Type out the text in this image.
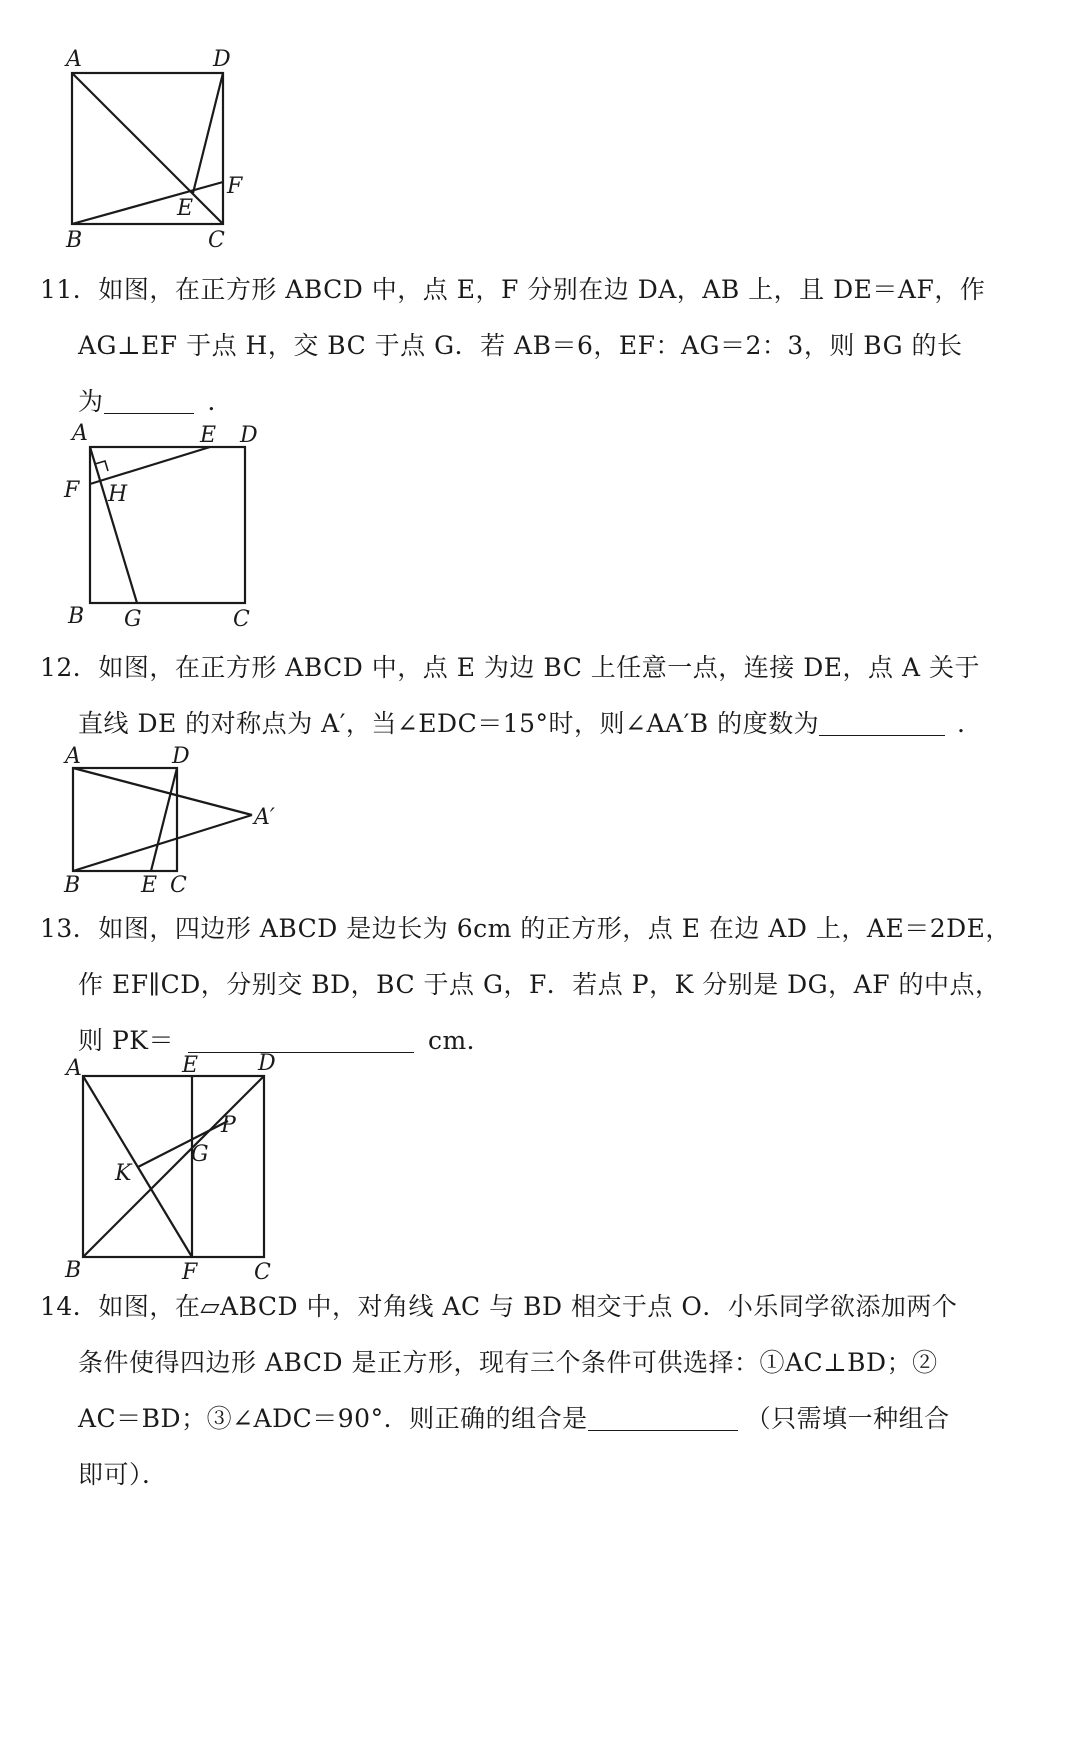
A	D
F
E
B	C
11．如图，在正方形 ABCD 中，点 E，F 分别在边 DA，AB 上，且 DE＝AF，作
AG⊥EF 于点 H，交 BC 于点 G．若 AB＝6，EF：AG＝2：3，则 BG 的长
为	．
A	E D
F H
B G	C
12．如图，在正方形 ABCD 中，点 E 为边 BC 上任意一点，连接 DE，点 A 关于
直线 DE 的对称点为 A′，当∠EDC＝15°时，则∠AA′B 的度数为	．
A	D
A′
B	E C
13．如图，四边形 ABCD 是边长为 6cm 的正方形，点 E 在边 AD 上，AE＝2DE，
作 EF∥CD，分别交 BD，BC 于点 G，F．若点 P，K 分别是 DG，AF 的中点，
则 PK＝	cm．
A	E	D
P
G
K
B	F	C
14．如图，在▱ABCD 中，对角线 AC 与 BD 相交于点 O．小乐同学欲添加两个
条件使得四边形 ABCD 是正方形，现有三个条件可供选择：①AC⊥BD；②
AC＝BD；③∠ADC＝90°．则正确的组合是	（只需填一种组合
即可）．
